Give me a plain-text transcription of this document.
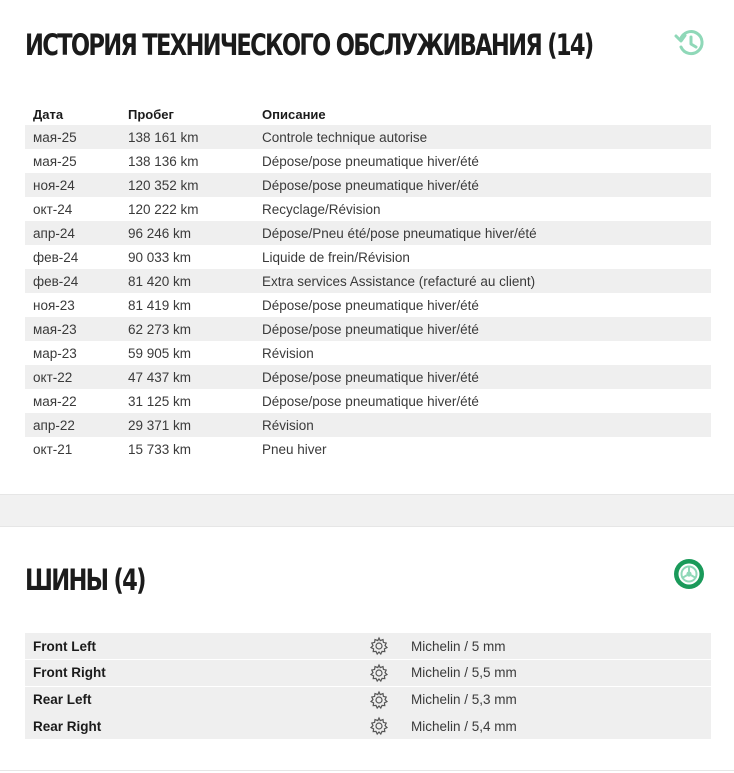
ИСТОРИЯ ТЕХНИЧЕСКОГО ОБСЛУЖИВАНИЯ (14)
Дата	Пробег	Описание
мая-25	138 161 km	Controle technique autorise
мая-25	138 136 km	Dépose/pose pneumatique hiver/été
ноя-24	120 352 km	Dépose/pose pneumatique hiver/été
окт-24	120 222 km	Recyclage/Révision
апр-24	96 246 km	Dépose/Pneu été/pose pneumatique hiver/été
фев-24	90 033 km	Liquide de frein/Révision
фев-24	81 420 km	Extra services Assistance (refacturé au client)
ноя-23	81 419 km	Dépose/pose pneumatique hiver/été
мая-23	62 273 km	Dépose/pose pneumatique hiver/été
мар-23	59 905 km	Révision
окт-22	47 437 km	Dépose/pose pneumatique hiver/été
мая-22	31 125 km	Dépose/pose pneumatique hiver/été
апр-22	29 371 km	Révision
окт-21	15 733 km	Pneu hiver
ШИНЫ (4)
Front Left	Michelin / 5 mm
Front Right	Michelin / 5,5 mm
Rear Left	Michelin / 5,3 mm
Rear Right	Michelin / 5,4 mm
